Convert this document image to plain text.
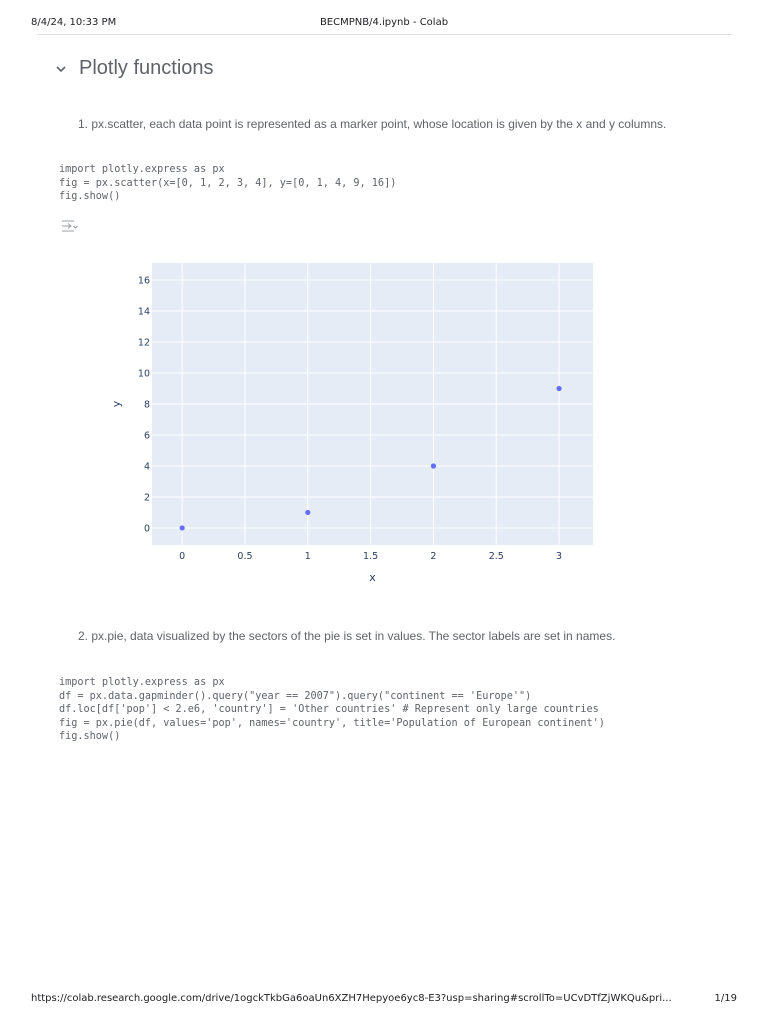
8/4/24, 10:33 PM	BECMPNB/4.ipynb - Colab
Plotly functions
1. px.scatter, each data point is represented as a marker point, whose location is given by the x and y columns.
import plotly.express as px
fig = px.scatter(x=[0, 1, 2, 3, 4], y=[0, 1, 4, 9, 16])
fig.show()
0	0.5	1	1.5	2	2.5	3
0
2
4
6
8
10
12
14
16
x
y
2. px.pie, data visualized by the sectors of the pie is set in values. The sector labels are set in names.
import plotly.express as px
df = px.data.gapminder().query("year == 2007").query("continent == 'Europe'")
df.loc[df['pop'] < 2.e6, 'country'] = 'Other countries' # Represent only large countries
fig = px.pie(df, values='pop', names='country', title='Population of European continent')
fig.show()
https://colab.research.google.com/drive/1ogckTkbGa6oaUn6XZH7Hepyoe6yc8-E3?usp=sharing#scrollTo=UCvDTfZjWKQu&pri...	1/19
